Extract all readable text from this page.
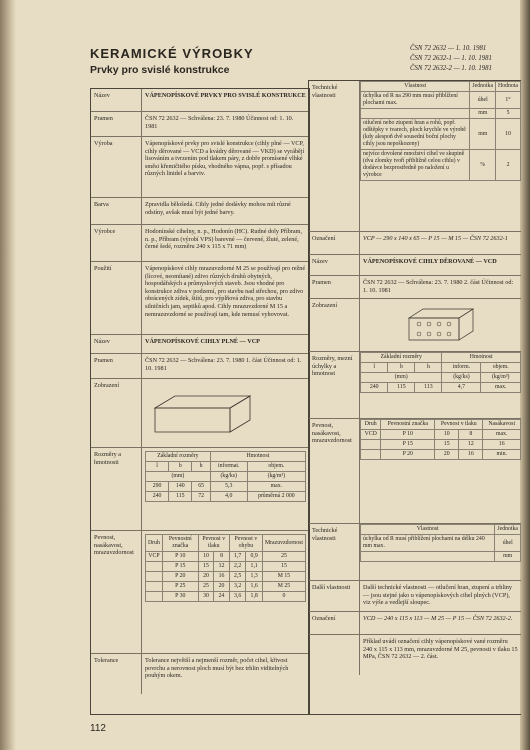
KERAMICKÉ VÝROBKY
Prvky pro svislé konstrukce
ČSN 72 2632 — 1. 10. 1981
ČSN 72 2632-1 — 1. 10. 1981
ČSN 72 2632-2 — 1. 10. 1981
Název	VÁPENOPÍSKOVÉ PRVKY PRO SVISLÉ KONSTRUKCE
Pramen	ČSN 72 2632 — Schválena: 23. 7. 1980 Účinnost od: 1. 10. 1981
Výroba	Vápenopískové prvky pro svislé konstrukce (cihly plné — VCP, cihly děrované — VCD a kvádry děrované — VKD) se vyrábějí lisováním a tvrzením pod tlakem páry, z dobře promísené vlhké směsi křemičitého písku, vhodného vápna, popř. s přísadou různých linidel a barviv.
Barva	Zpravidla bělošedá. Cihly jedné dodávky mohou mít různé odstíny, avšak musí být jedné barvy.
Výrobce	Hodonínské cihelny, n. p., Hodonín (HC). Rudné doly Příbram, n. p., Příbram (výrobí VPS) barevné — červené, žluté, zelené, černé šedé, rozměru 240 x 115 x 71 mm)
Použití	Vápenopískové cihly mrazuvzdorné M 25 se používají pro režné (lícové, neomítané) zdivo různých druhů obytných, hospodářských a průmyslových staveb. Jsou vhodné pro konstrukce zdiva v podzemí, pro stavbu nad střechou, pro zdivo obrácených zídek, štítů, pro výplňová zdiva, pro stavbu silničních jam, septiků apod. Cihly mrazuvzdorné M 15 a nemrazuvzdorné se používají tam, kde nemusí vyhovovat.
Název	VÁPENOPÍSKOVÉ CIHLY PLNÉ — VCP
Pramen	ČSN 72 2632 — Schválena: 23. 7. 1980 1. část Účinnost od: 1. 10. 1981
Zobrazení
Rozměry a hmotnosti
Základní rozměry			Hmotnost	
l	b	h	informat.	objem.
(mm)			(kg/ks)	(kg/m³)
290	140	65	5,3	max.
240	115	72	4,0	průměrná 2 000
Pevnost, nasákavost, mrazuvzdornost
Druh	Pevnostní značka	Pevnost v tlaku		Pevnost v ohybu		Mrazuvzdornost
VCP	P 10	10	8	1,7	0,9	25
	P 15	15	12	2,2	1,1	15
	P 20	20	16	2,5	1,3	M 15
	P 25	25	20	3,2	1,6	M 25
	P 30	30	24	3,6	1,8	0
Tolerance	Tolerance největší a nejmenší rozměr, počet cihel, křivost povrchu a nerovnost ploch musí být bez trhlin viditelných pouhým okem.
Technické vlastnosti
Vlastnost	Jednotka	Hodnota
úchylka od R na 290 mm musí přiblížení plochami max.	úhel	1°
	mm	5
otlučení nebo ztupení hran a rohů, popř. odštěpky v tvarech, ploch krychle ve výrobě (kdy alespoň dvě sousední boční plochy cihly jsou nepoškozeny)	mm	10
nejvíce dovolené množství cihel ve skupině (dva zlomky tvoří přibližně celou cihlu) v dodávce bezprostředně po naložení u výrobce	%	2
Označení	VCP — 290 x 140 x 65 — P 15 — M 15 — ČSN 72 2632-1
Název	VÁPENOPÍSKOVÉ CIHLY DĚROVANÉ — VCD
Pramen	ČSN 72 2632 — Schválena: 23. 7. 1980 2. část Účinnost od: 1. 10. 1981
Zobrazení
Rozměry, mezní úchylky a hmotnost
Základní rozměry			Hmotnost	
l	b	h	inform.	objem.
(mm)			(kg/ks)	(kg/m³)
240	115	113	4,7	max.
Pevnost, nasákavost, mrazuvzdornost
Druh	Pevnostní značka	Pevnost v tlaku		Nasákavost
VCD	P 10	10	8	max.
	P 15	15	12	16
	P 20	20	16	min.
Technické vlastnosti
Vlastnost	Jednotka
úchylka od R musí přiblížení plochami na délku 240 mm max.	úhel
	mm
Další vlastnosti	Další technické vlastnosti — otlučení hran, ztupení a trhliny — jsou stejné jako u vápenopískových cihel plných (VCP), viz výše a vedlejší sloupec.
Označení	VCD — 240 x 115 x 113 — M 25 — P 15 — ČSN 72 2632-2.
Příklad uvádí označení cihly vápenopískové vané rozměru 240 x 115 x 113 mm, mrazuvzdorné M 25, pevnosti v tlaku 15 MPa, ČSN 72 2632 — 2. část.
112
